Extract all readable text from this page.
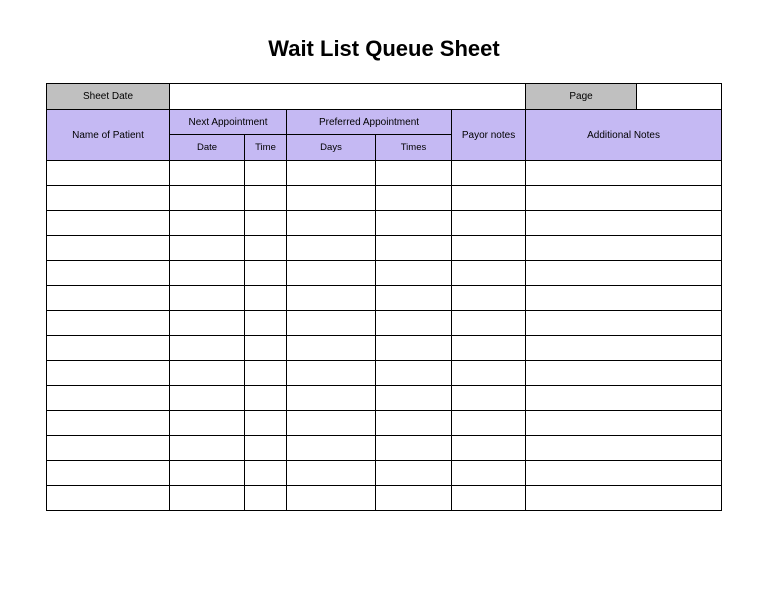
Wait List Queue Sheet
Sheet Date						Page	
Name of Patient	Next Appointment		Preferred Appointment		Payor notes	Additional Notes	
	Date	Time	Days	Times			
